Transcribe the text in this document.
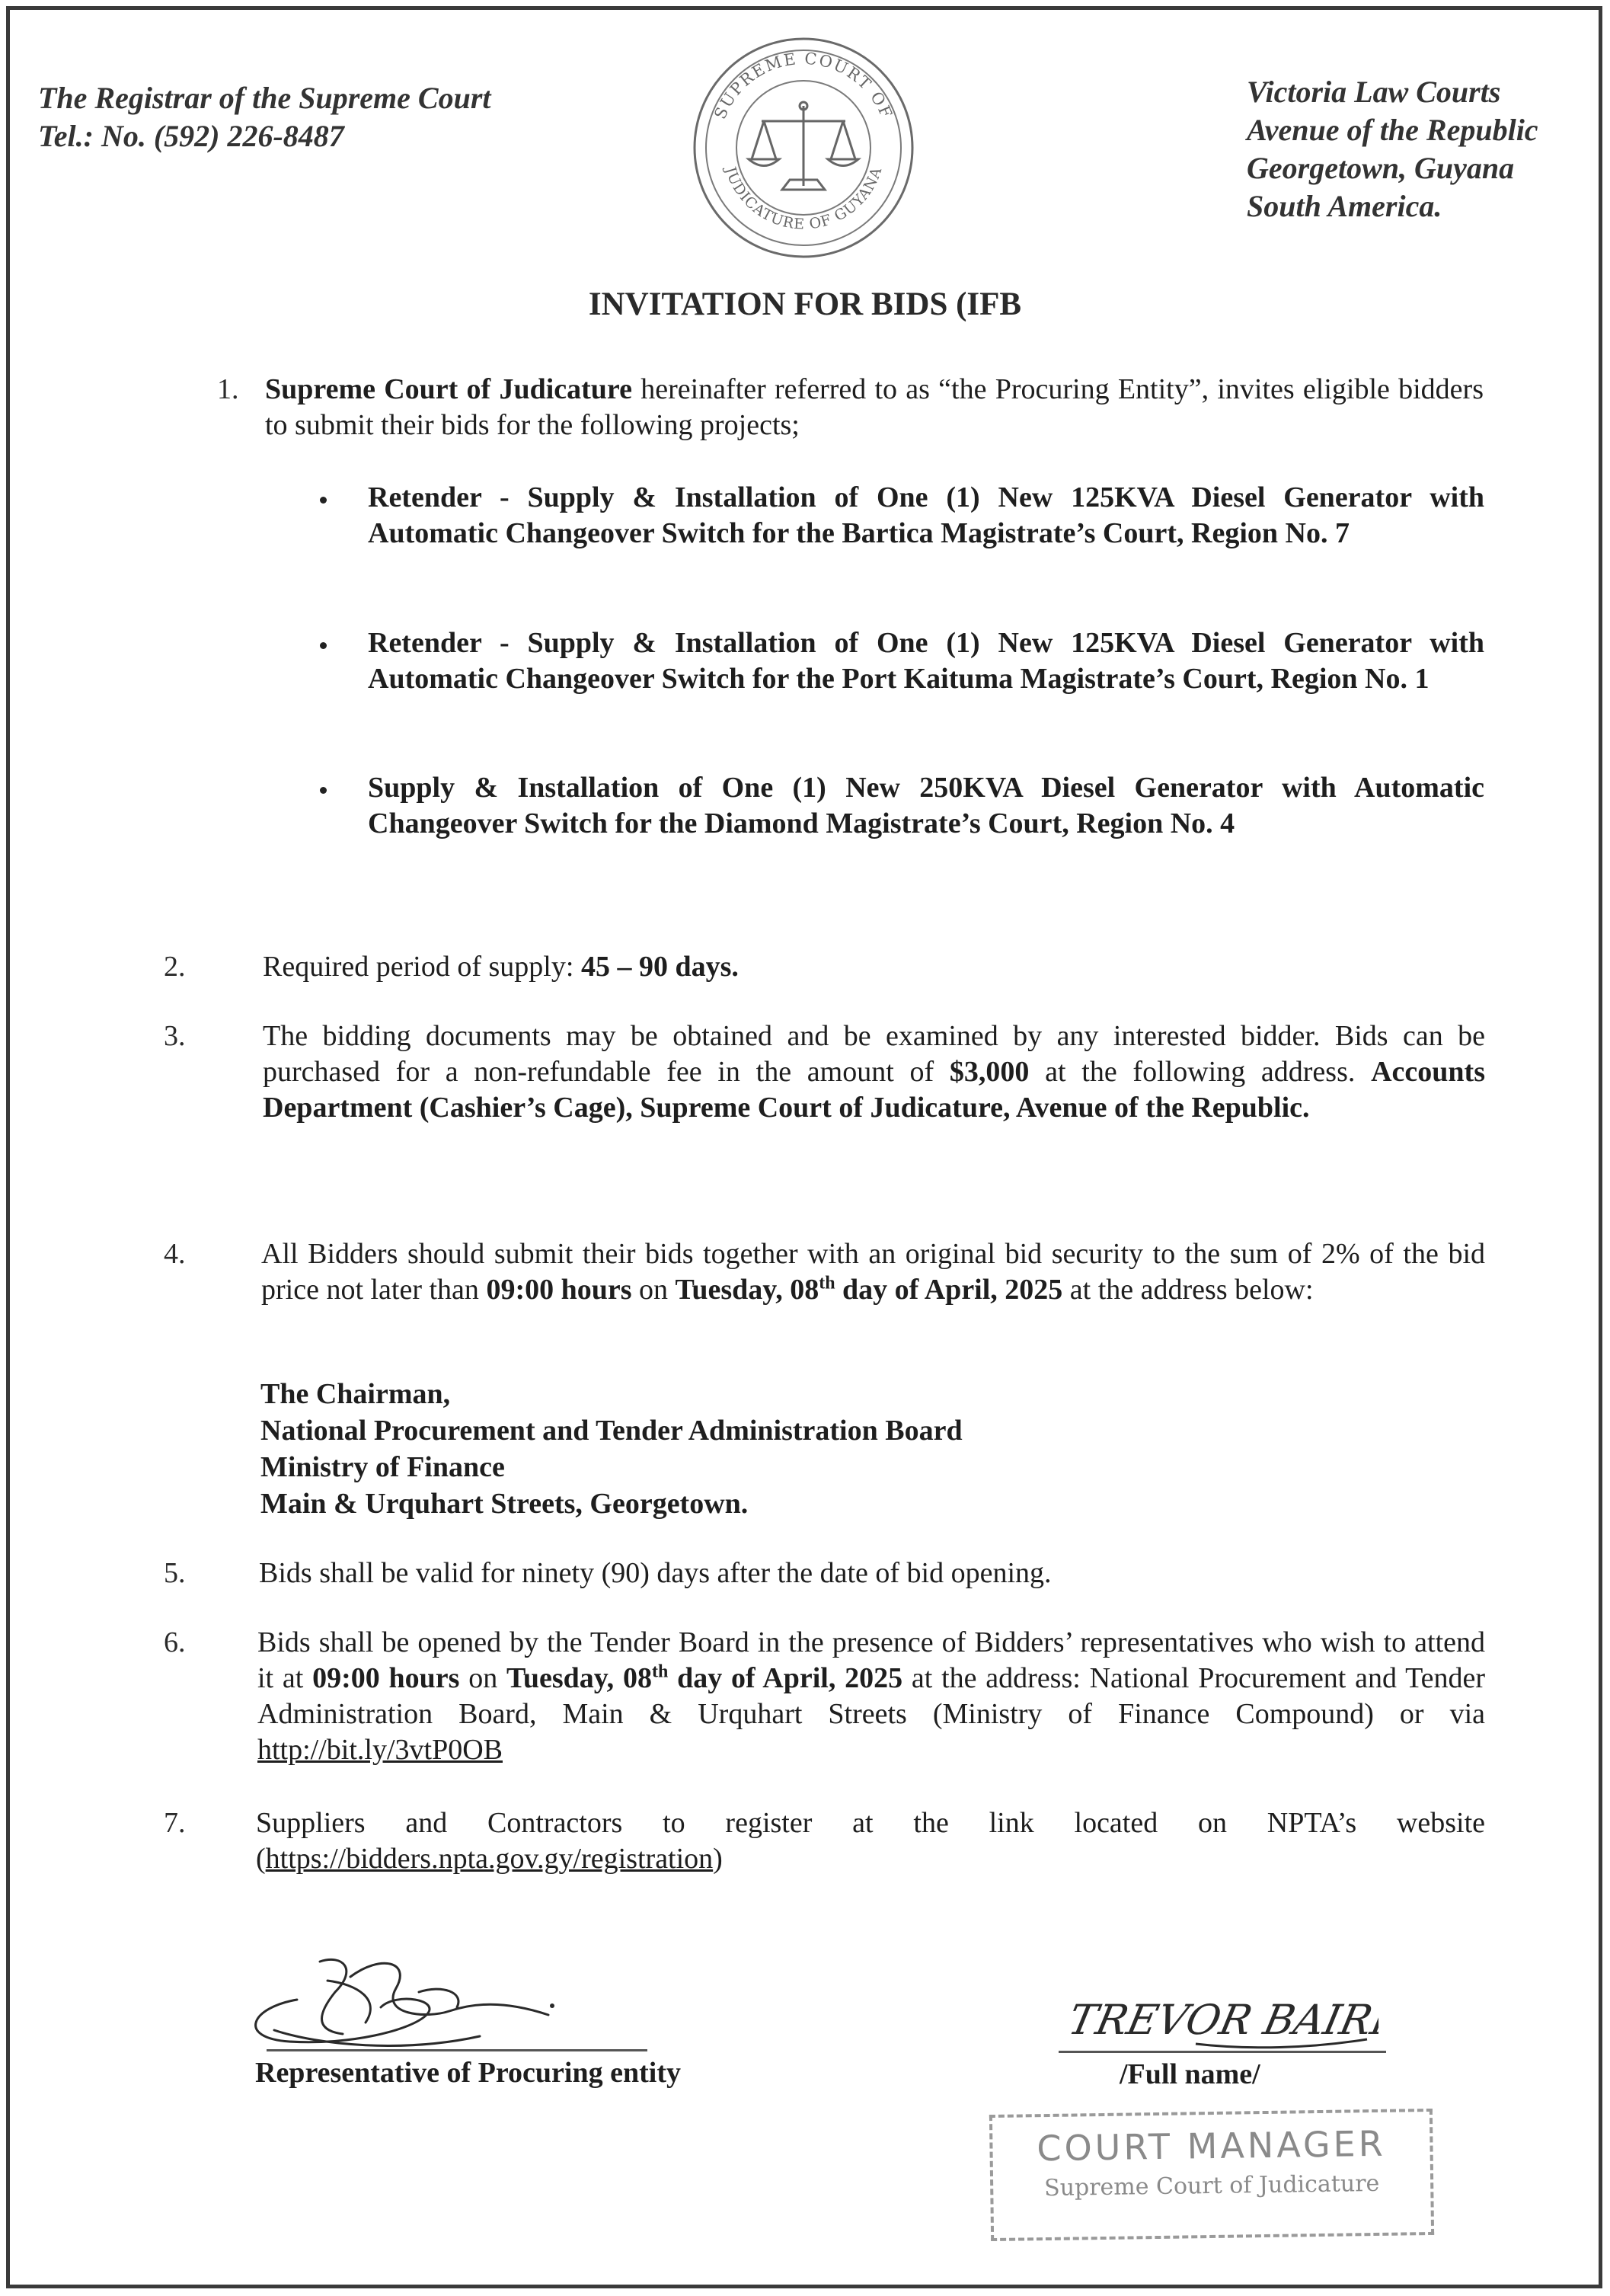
The Registrar of the Supreme Court
Tel.: No. (592) 226-8487
SUPREME COURT OF
JUDICATURE OF GUYANA
Victoria Law Courts
Avenue of the Republic
Georgetown, Guyana
South America.
INVITATION FOR BIDS (IFB
1. Supreme Court of Judicature hereinafter referred to as “the Procuring Entity”, invites eligible bidders to submit their bids for the following projects;
Retender - Supply & Installation of One (1) New 125KVA Diesel Generator with Automatic Changeover Switch for the Bartica Magistrate’s Court, Region No. 7
Retender - Supply & Installation of One (1) New 125KVA Diesel Generator with Automatic Changeover Switch for the Port Kaituma Magistrate’s Court, Region No. 1
Supply & Installation of One (1) New 250KVA Diesel Generator with Automatic Changeover Switch for the Diamond Magistrate’s Court, Region No. 4
2.	Required period of supply: 45 – 90 days.
3.	The bidding documents may be obtained and be examined by any interested bidder. Bids can be purchased for a non-refundable fee in the amount of $3,000 at the following address. Accounts Department (Cashier’s Cage), Supreme Court of Judicature, Avenue of the Republic.
4.	All Bidders should submit their bids together with an original bid security to the sum of 2% of the bid price not later than 09:00 hours on Tuesday, 08th day of April, 2025 at the address below:
The Chairman,
National Procurement and Tender Administration Board
Ministry of Finance
Main & Urquhart Streets, Georgetown.
5.	Bids shall be valid for ninety (90) days after the date of bid opening.
6. Bids shall be opened by the Tender Board in the presence of Bidders’ representatives who wish to attend it at 09:00 hours on Tuesday, 08th day of April, 2025 at the address: National Procurement and Tender Administration Board, Main & Urquhart Streets (Ministry of Finance Compound) or via http://bit.ly/3vtP0OB
7. Suppliers and Contractors to register at the link located on NPTA’s website (https://bidders.npta.gov.gy/registration)
Representative of Procuring entity
TREVOR BAIRD
/Full name/
COURT MANAGER
Supreme Court of Judicature
